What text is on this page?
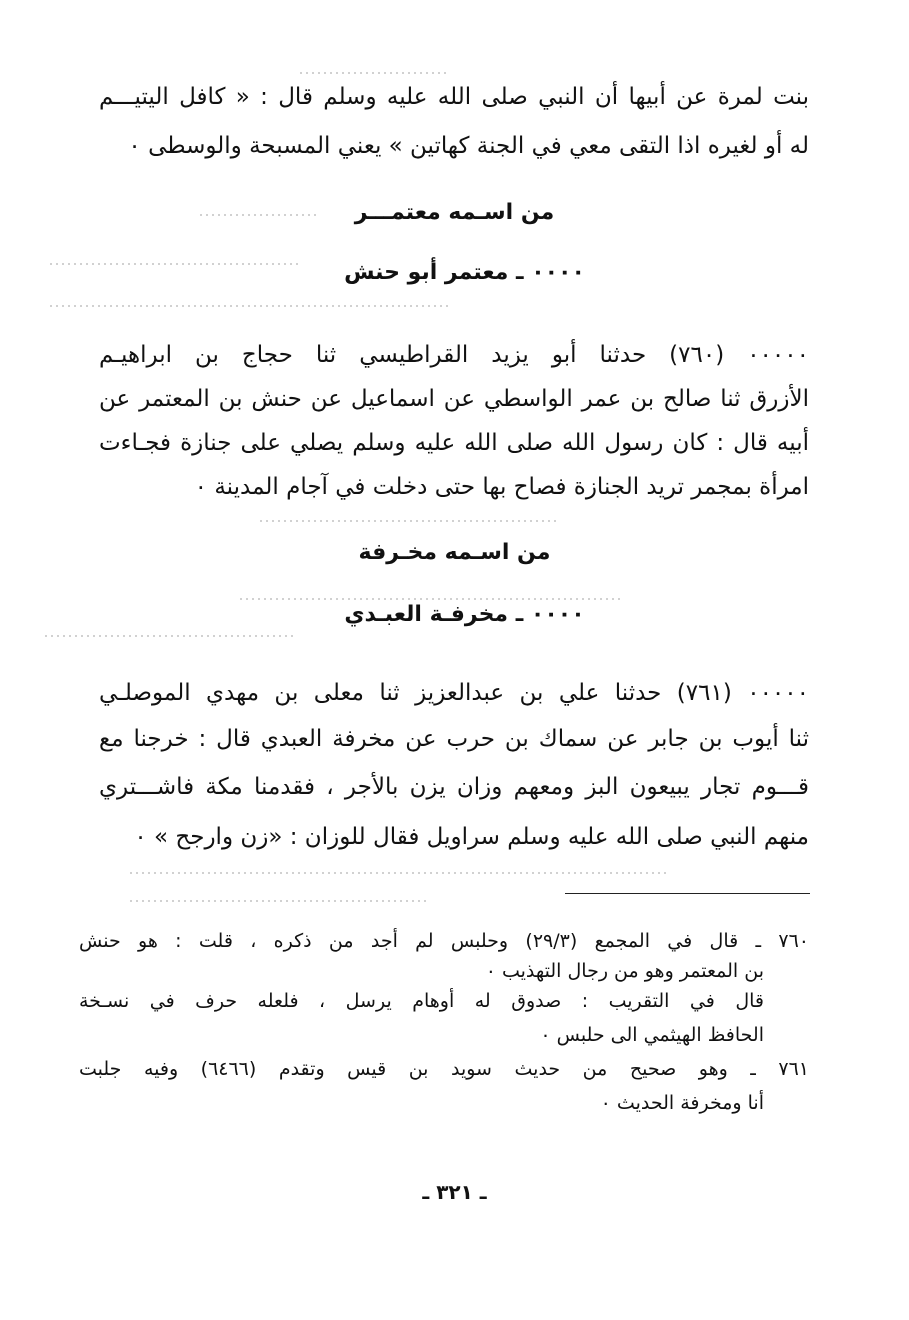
بنت لمرة عن أبيها أن النبي صلى الله عليه وسلم قال : « كافل اليتيـــم
له أو لغيره اذا التقى معي في الجنة كهاتين » يعني المسبحة والوسطى ٠
من اسـمه معتمـــر
٠٠٠٠ ـ معتمر أبو حنش
٠٠٠٠٠ (٧٦٠) حدثنا أبو يزيد القراطيسي ثنا حجاج بن ابراهيـم
الأزرق ثنا صالح بن عمر الواسطي عن اسماعيل عن حنش بن المعتمر عن
أبيه قال : كان رسول الله صلى الله عليه وسلم يصلي على جنازة فجـاءت
امرأة بمجمر تريد الجنازة فصاح بها حتى دخلت في آجام المدينة ٠
من اسـمه مخـرفة
٠٠٠٠ ـ مخرفـة العبـدي
٠٠٠٠٠ (٧٦١) حدثنا علي بن عبدالعزيز ثنا معلى بن مهدي الموصلـي
ثنا أيوب بن جابر عن سماك بن حرب عن مخرفة العبدي قال : خرجنا مع
قـــوم تجار يبيعون البز ومعهم وزان يزن بالأجر ، فقدمنا مكة فاشـــتري
منهم النبي صلى الله عليه وسلم سراويل فقال للوزان : «زن وارجح » ٠
٧٦٠ ـ قال في المجمع (٢٩/٣) وحلبس لم أجد من ذكره ، قلت : هو حنش
بن المعتمر وهو من رجال التهذيب ٠
قال في التقريب : صدوق له أوهام يرسل ، فلعله حرف في نسـخة
الحافظ الهيثمي الى حلبس ٠
٧٦١ ـ وهو صحيح من حديث سويد بن قيس وتقدم (٦٤٦٦) وفيه جلبت
أنا ومخرفة الحديث ٠
ـ ٣٢١ ـ
